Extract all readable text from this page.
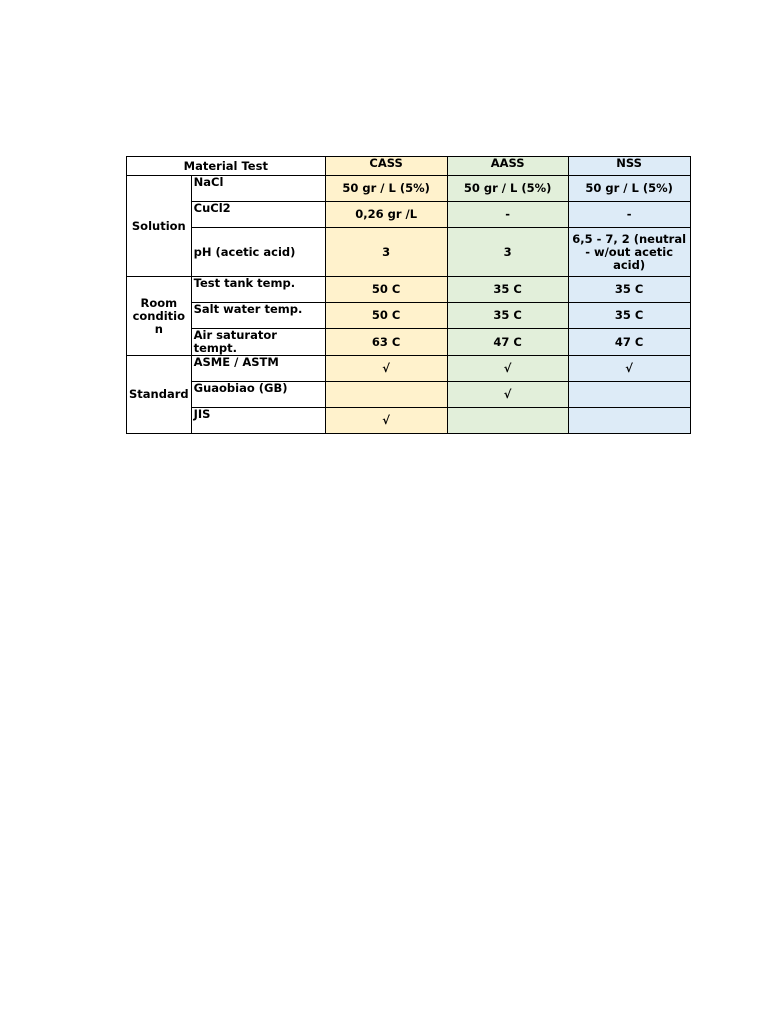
Material Test		CASS	AASS	NSS
Solution	NaCl	50 gr / L (5%)	50 gr / L (5%)	50 gr / L (5%)
	CuCl2	0,26 gr /L	-	-
	pH (acetic acid)	3	3	6,5 - 7, 2 (neutral - w/out acetic acid)
Room condition	Test tank temp.	50 C	35 C	35 C
	Salt water temp.	50 C	35 C	35 C
	Air saturator tempt.	63 C	47 C	47 C
Standard	ASME / ASTM	√	√	√
	Guaobiao (GB)		√	
	JIS	√		
